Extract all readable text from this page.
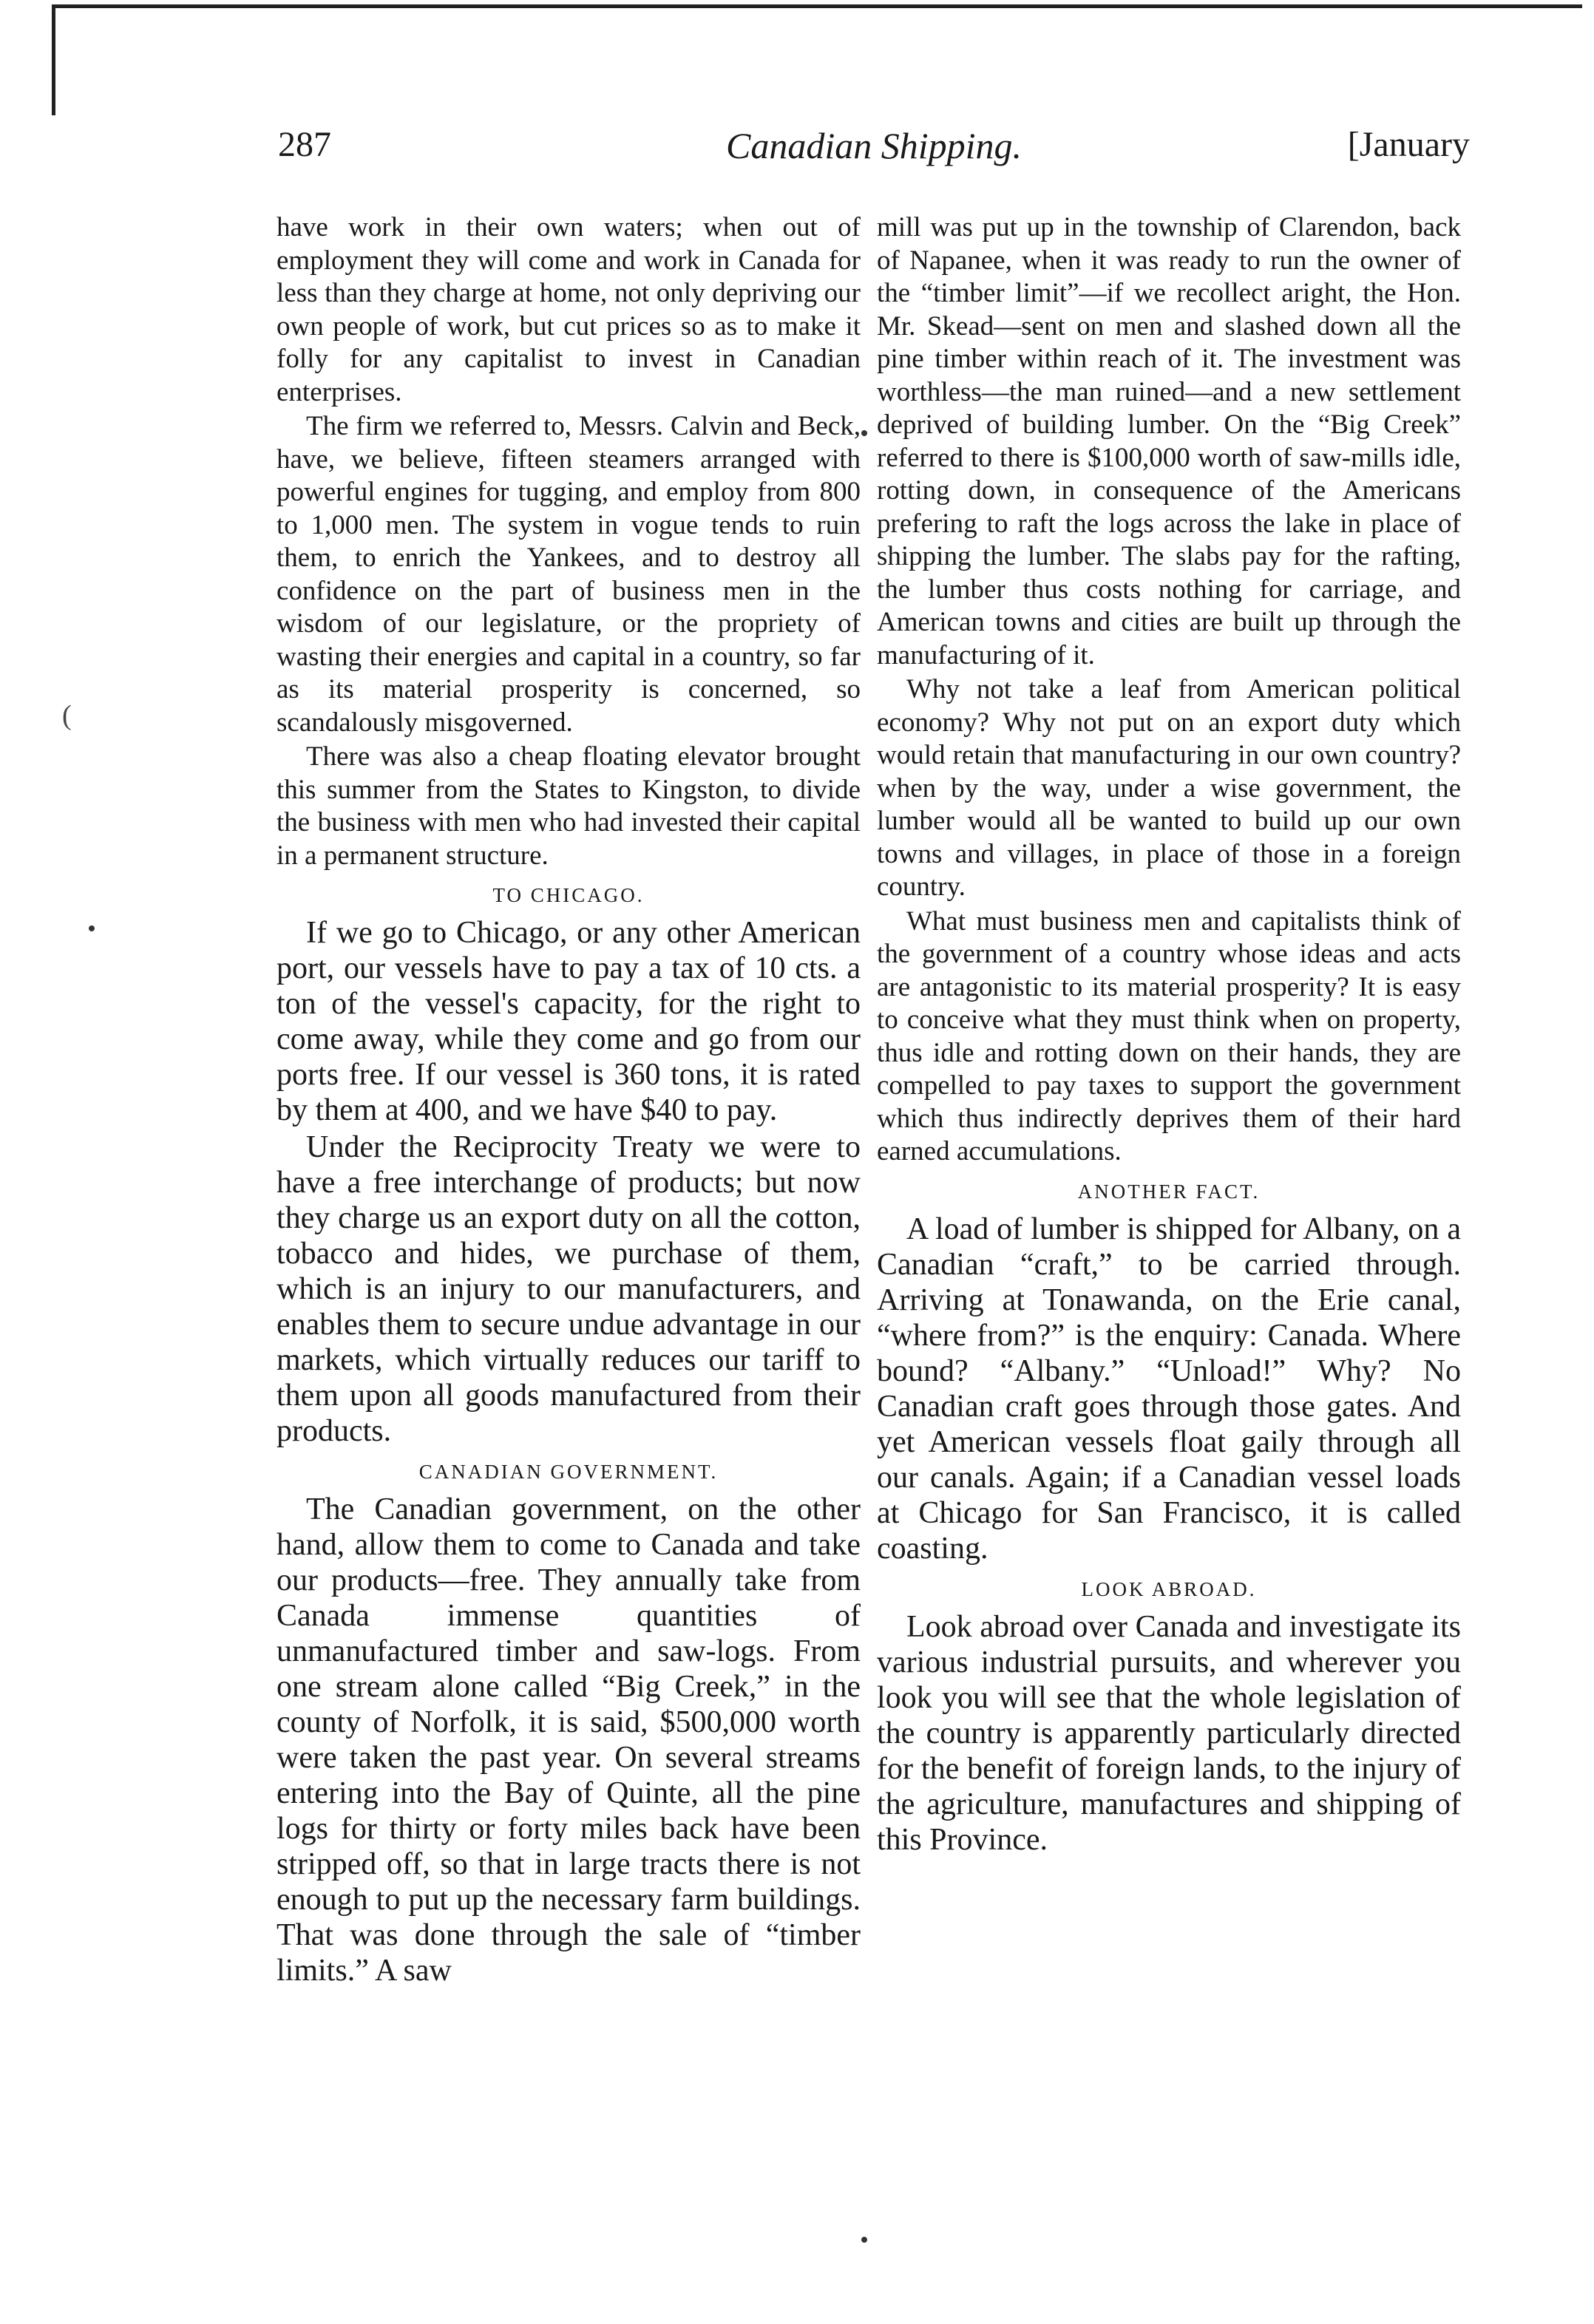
287	Canadian Shipping.	[January
(

have work in their own waters; when out of employment they will come and work in Canada for less than they charge at home, not only depriving our own people of work, but cut prices so as to make it folly for any capitalist to invest in Canadian enterprises.

The firm we referred to, Messrs. Calvin and Beck, have, we believe, fifteen steamers arranged with powerful engines for tugging, and employ from 800 to 1,000 men. The system in vogue tends to ruin them, to enrich the Yankees, and to destroy all confidence on the part of business men in the wisdom of our legislature, or the propriety of wasting their energies and capital in a country, so far as its material prosperity is concerned, so scandalously misgoverned.

There was also a cheap floating elevator brought this summer from the States to Kingston, to divide the business with men who had invested their capital in a permanent structure.

TO CHICAGO.

If we go to Chicago, or any other American port, our vessels have to pay a tax of 10 cts. a ton of the vessel's capacity, for the right to come away, while they come and go from our ports free. If our vessel is 360 tons, it is rated by them at 400, and we have $40 to pay.

Under the Reciprocity Treaty we were to have a free interchange of products; but now they charge us an export duty on all the cotton, tobacco and hides, we purchase of them, which is an injury to our manufacturers, and enables them to secure undue advantage in our markets, which virtually reduces our tariff to them upon all goods manufactured from their products.

CANADIAN GOVERNMENT.

The Canadian government, on the other hand, allow them to come to Canada and take our products—free. They annually take from Canada immense quantities of unmanufactured timber and saw-logs. From one stream alone called “Big Creek,” in the county of Norfolk, it is said, $500,000 worth were taken the past year. On several streams entering into the Bay of Quinte, all the pine logs for thirty or forty miles back have been stripped off, so that in large tracts there is not enough to put up the necessary farm buildings. That was done through the sale of “timber limits.” A saw

mill was put up in the township of Clarendon, back of Napanee, when it was ready to run the owner of the “timber limit”—if we recollect aright, the Hon. Mr. Skead—sent on men and slashed down all the pine timber within reach of it. The investment was worthless—the man ruined—and a new settlement deprived of building lumber. On the “Big Creek” referred to there is $100,000 worth of saw-mills idle, rotting down, in consequence of the Americans prefering to raft the logs across the lake in place of shipping the lumber. The slabs pay for the rafting, the lumber thus costs nothing for carriage, and American towns and cities are built up through the manufacturing of it.

Why not take a leaf from American political economy? Why not put on an export duty which would retain that manufacturing in our own country? when by the way, under a wise government, the lumber would all be wanted to build up our own towns and villages, in place of those in a foreign country.

What must business men and capitalists think of the government of a country whose ideas and acts are antagonistic to its material prosperity? It is easy to conceive what they must think when on property, thus idle and rotting down on their hands, they are compelled to pay taxes to support the government which thus indirectly deprives them of their hard earned accumulations.

ANOTHER FACT.

A load of lumber is shipped for Albany, on a Canadian “craft,” to be carried through. Arriving at Tonawanda, on the Erie canal, “where from?” is the enquiry: Canada. Where bound? “Albany.” “Unload!” Why? No Canadian craft goes through those gates. And yet American vessels float gaily through all our canals. Again; if a Canadian vessel loads at Chicago for San Francisco, it is called coasting.

LOOK ABROAD.

Look abroad over Canada and investigate its various industrial pursuits, and wherever you look you will see that the whole legislation of the country is apparently particularly directed for the benefit of foreign lands, to the injury of the agriculture, manufactures and shipping of this Province.
